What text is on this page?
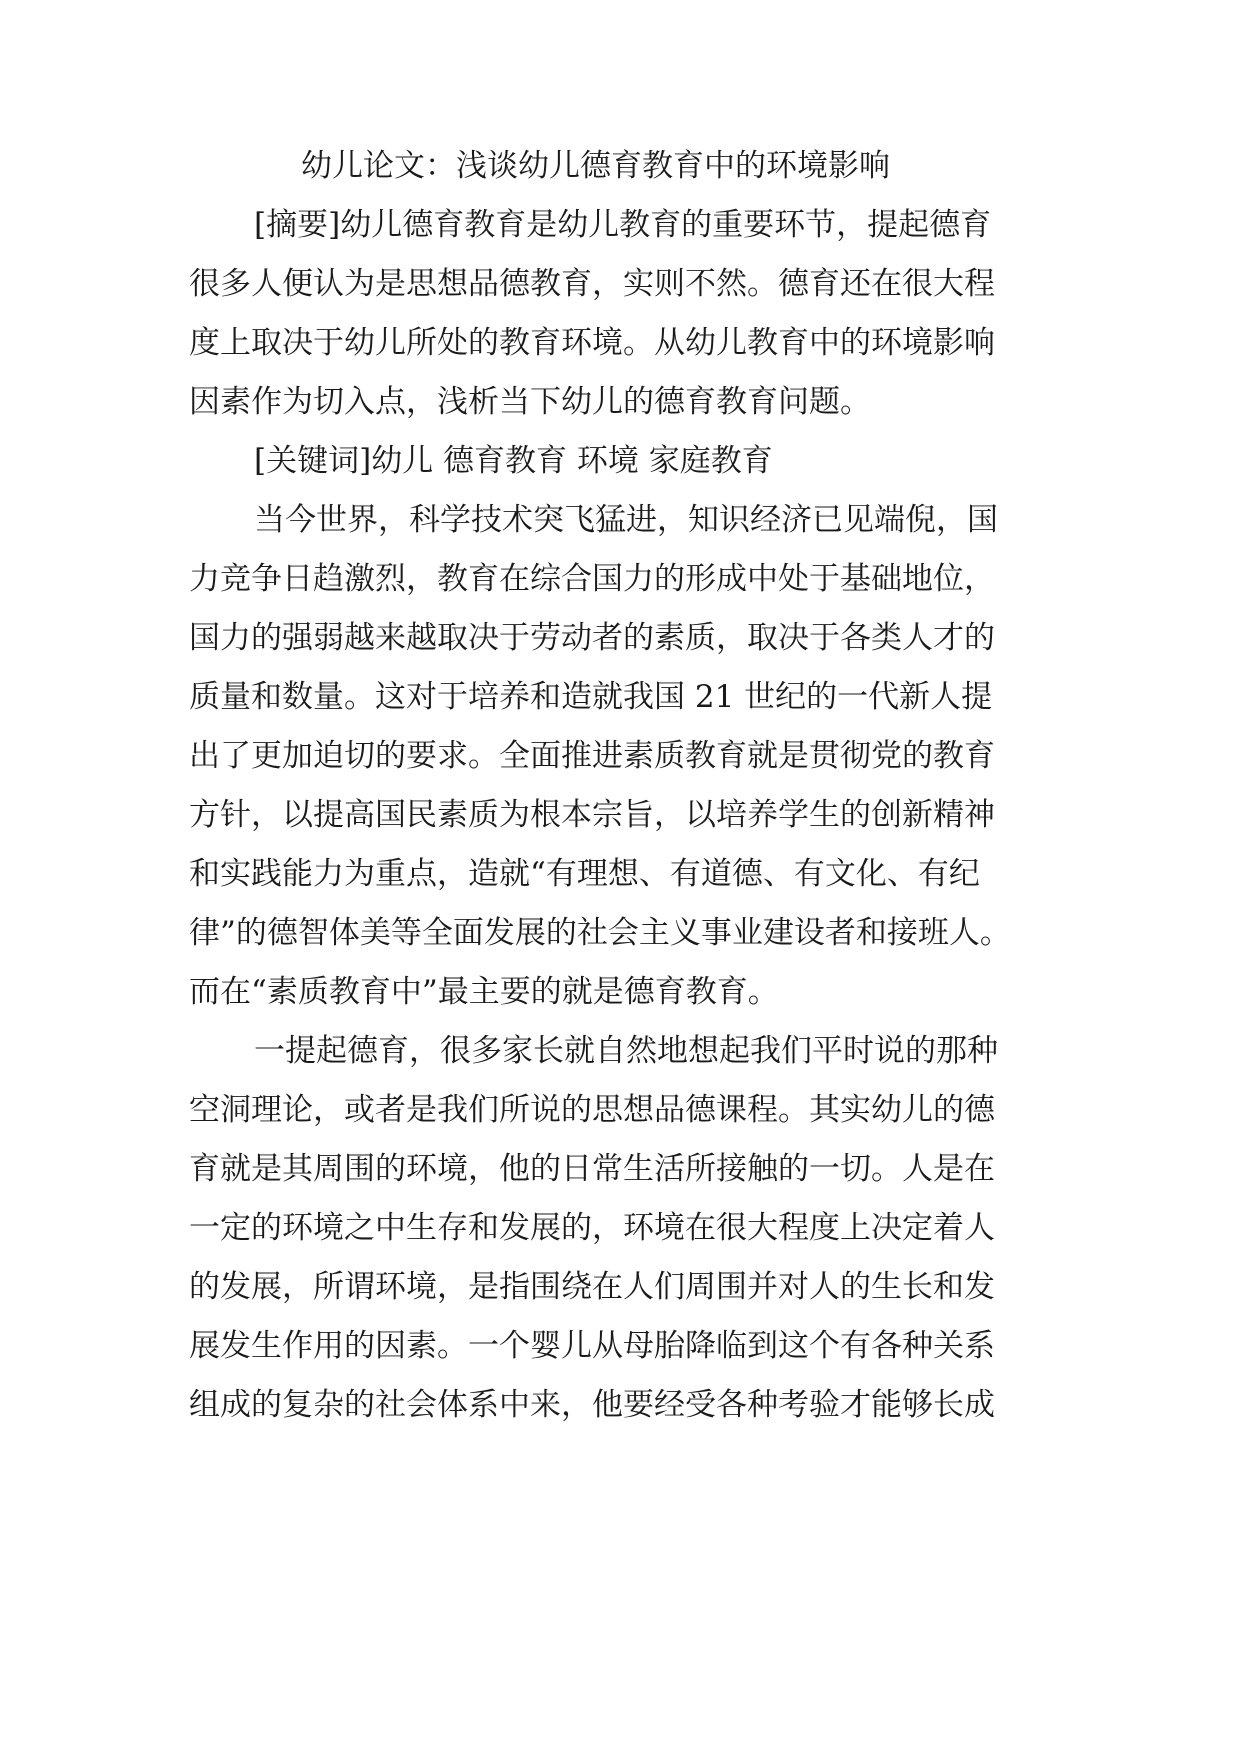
幼儿论文：浅谈幼儿德育教育中的环境影响
[摘要]幼儿德育教育是幼儿教育的重要环节，提起德育
很多人便认为是思想品德教育，实则不然。德育还在很大程
度上取决于幼儿所处的教育环境。从幼儿教育中的环境影响
因素作为切入点，浅析当下幼儿的德育教育问题。
[关键词]幼儿 德育教育 环境 家庭教育
当今世界，科学技术突飞猛进，知识经济已见端倪，国
力竞争日趋激烈，教育在综合国力的形成中处于基础地位，
国力的强弱越来越取决于劳动者的素质，取决于各类人才的
质量和数量。这对于培养和造就我国 21 世纪的一代新人提
出了更加迫切的要求。全面推进素质教育就是贯彻党的教育
方针，以提高国民素质为根本宗旨，以培养学生的创新精神
和实践能力为重点，造就“有理想、有道德、有文化、有纪
律”的德智体美等全面发展的社会主义事业建设者和接班人。
而在“素质教育中”最主要的就是德育教育。
一提起德育，很多家长就自然地想起我们平时说的那种
空洞理论，或者是我们所说的思想品德课程。其实幼儿的德
育就是其周围的环境，他的日常生活所接触的一切。人是在
一定的环境之中生存和发展的，环境在很大程度上决定着人
的发展，所谓环境，是指围绕在人们周围并对人的生长和发
展发生作用的因素。一个婴儿从母胎降临到这个有各种关系
组成的复杂的社会体系中来，他要经受各种考验才能够长成
